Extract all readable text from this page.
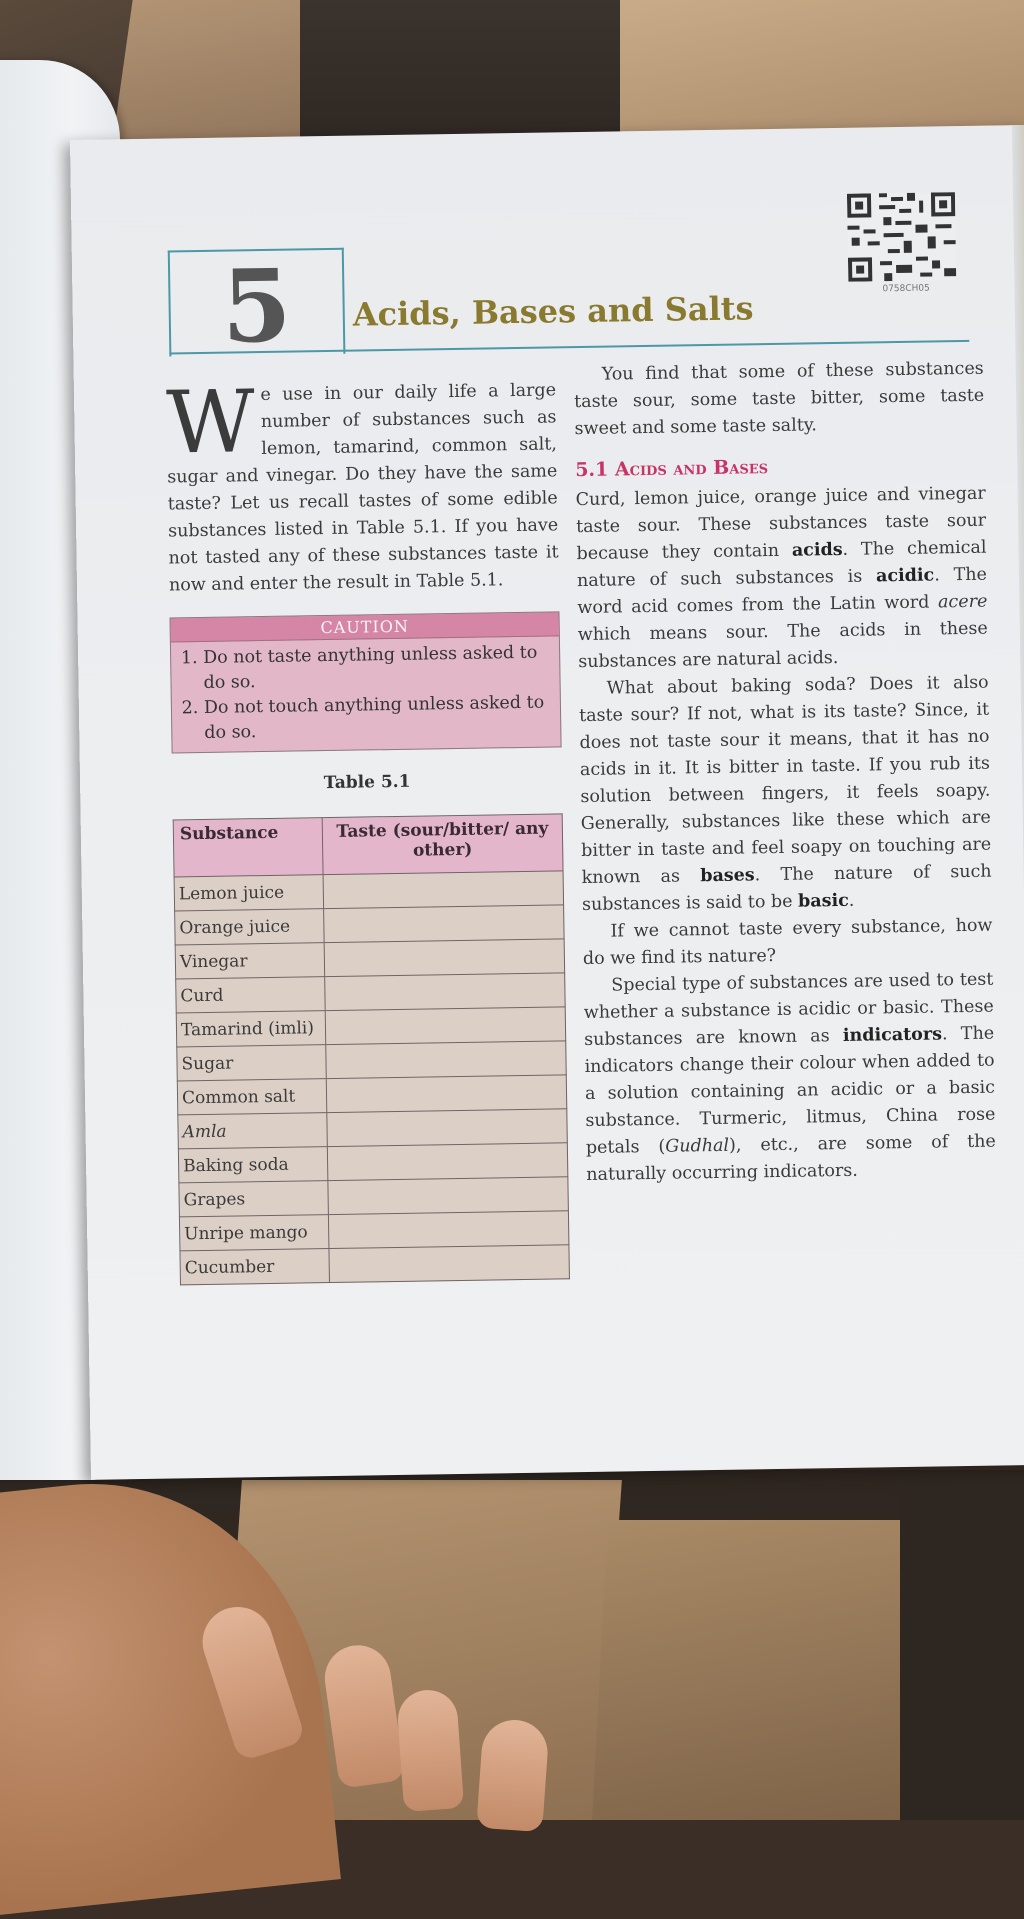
0758CH05
5	Acids, Bases and Salts

We use in our daily life a large number of substances such as lemon, tamarind, common salt, sugar and vinegar. Do they have the same taste? Let us recall tastes of some edible substances listed in Table 5.1. If you have not tasted any of these substances taste it now and enter the result in Table 5.1.

CAUTION
1. Do not taste anything unless asked to do so.
2. Do not touch anything unless asked to do so.
Table 5.1
Substance	Taste (sour/bitter/ any other)
Lemon juice	
Orange juice	
Vinegar	
Curd	
Tamarind (imli)	
Sugar	
Common salt	
Amla	
Baking soda	
Grapes	
Unripe mango	
Cucumber	

You find that some of these substances taste sour, some taste bitter, some taste sweet and some taste salty.

5.1 Acids and Bases

Curd, lemon juice, orange juice and vinegar taste sour. These substances taste sour because they contain acids. The chemical nature of such substances is acidic. The word acid comes from the Latin word acere which means sour. The acids in these substances are natural acids.

What about baking soda? Does it also taste sour? If not, what is its taste? Since, it does not taste sour it means, that it has no acids in it. It is bitter in taste. If you rub its solution between fingers, it feels soapy. Generally, substances like these which are bitter in taste and feel soapy on touching are known as bases. The nature of such substances is said to be basic.

If we cannot taste every substance, how do we find its nature?

Special type of substances are used to test whether a substance is acidic or basic. These substances are known as indicators. The indicators change their colour when added to a solution containing an acidic or a basic substance. Turmeric, litmus, China rose petals (Gudhal), etc., are some of the naturally occurring indicators.
